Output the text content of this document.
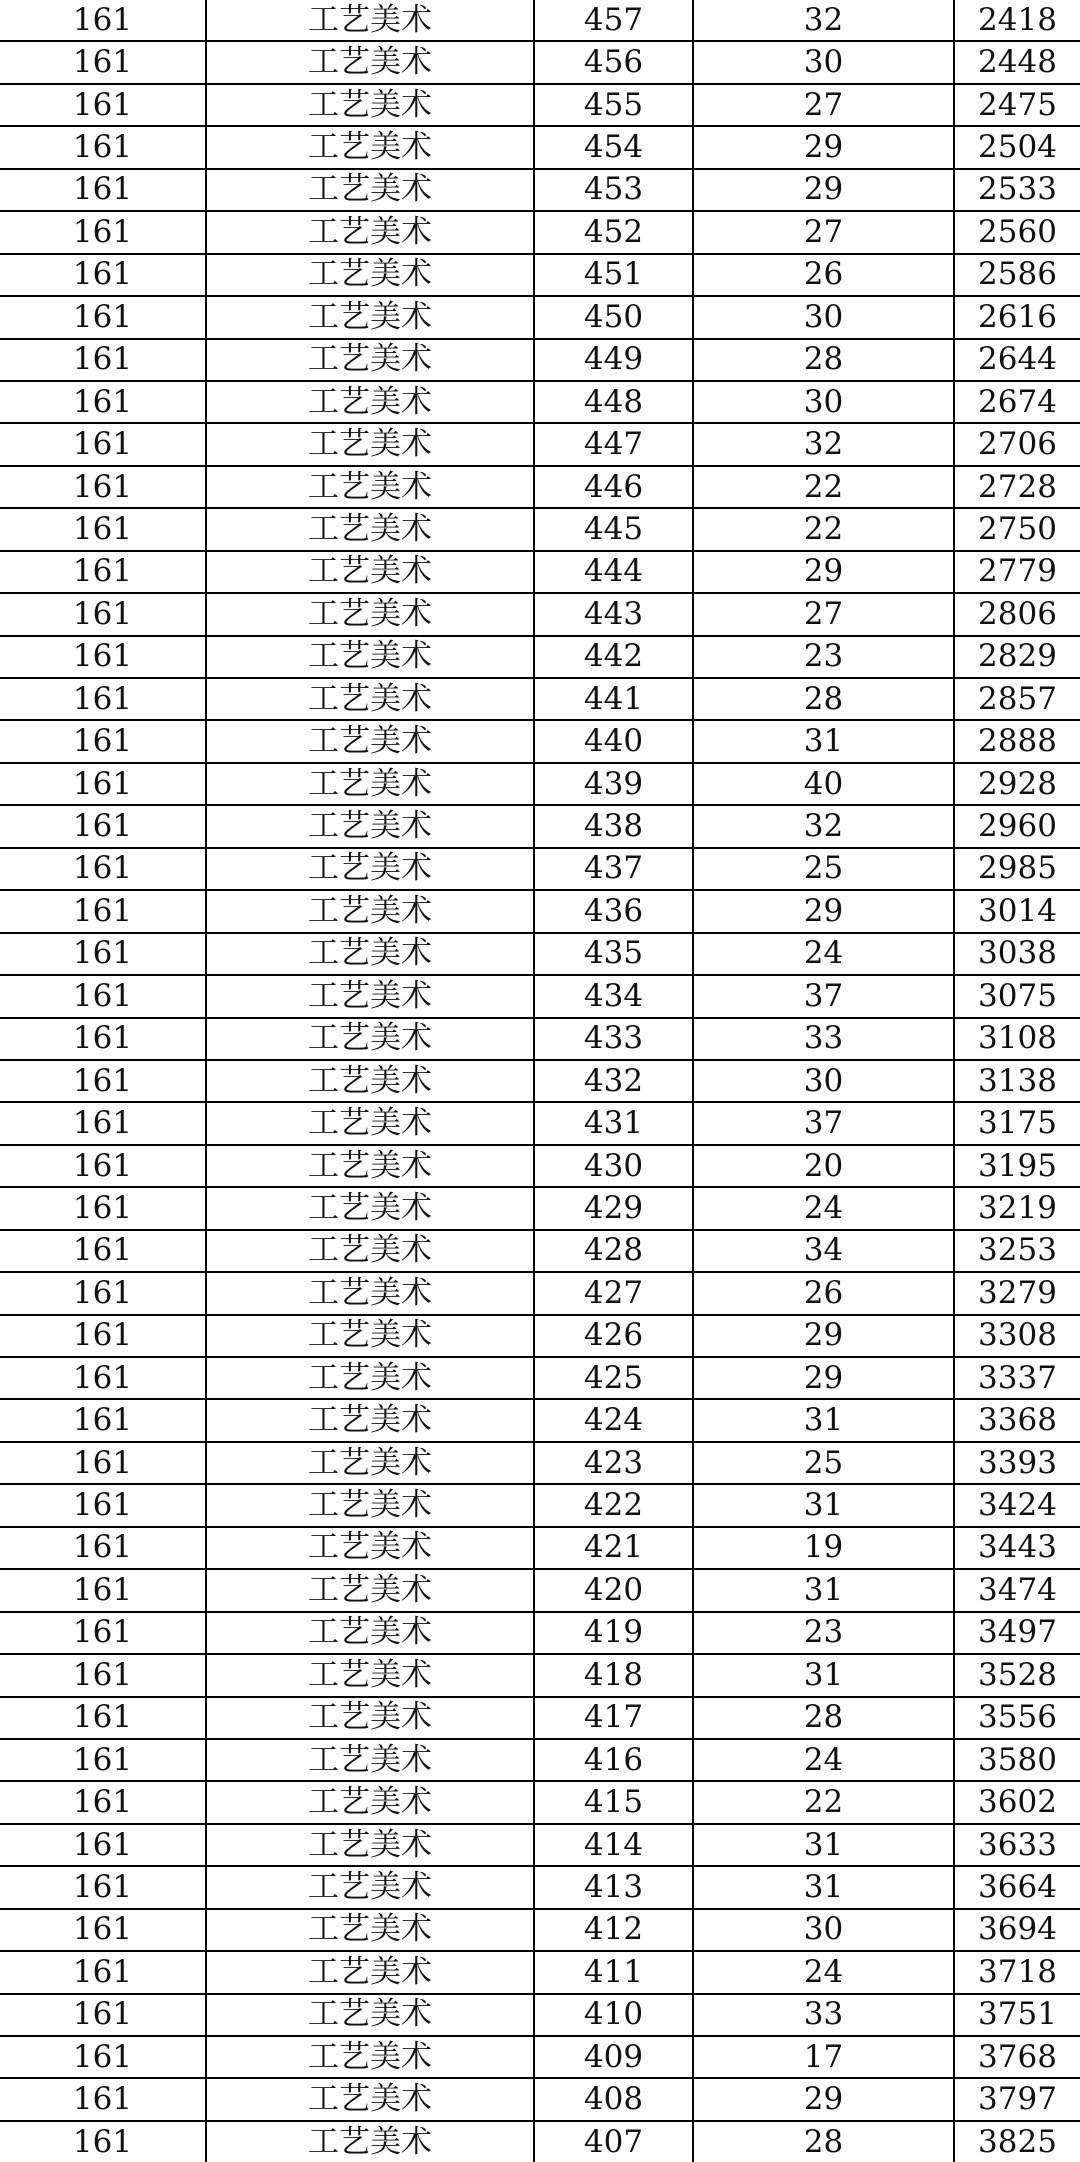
161	工艺美术	457	32	2418
161	工艺美术	456	30	2448
161	工艺美术	455	27	2475
161	工艺美术	454	29	2504
161	工艺美术	453	29	2533
161	工艺美术	452	27	2560
161	工艺美术	451	26	2586
161	工艺美术	450	30	2616
161	工艺美术	449	28	2644
161	工艺美术	448	30	2674
161	工艺美术	447	32	2706
161	工艺美术	446	22	2728
161	工艺美术	445	22	2750
161	工艺美术	444	29	2779
161	工艺美术	443	27	2806
161	工艺美术	442	23	2829
161	工艺美术	441	28	2857
161	工艺美术	440	31	2888
161	工艺美术	439	40	2928
161	工艺美术	438	32	2960
161	工艺美术	437	25	2985
161	工艺美术	436	29	3014
161	工艺美术	435	24	3038
161	工艺美术	434	37	3075
161	工艺美术	433	33	3108
161	工艺美术	432	30	3138
161	工艺美术	431	37	3175
161	工艺美术	430	20	3195
161	工艺美术	429	24	3219
161	工艺美术	428	34	3253
161	工艺美术	427	26	3279
161	工艺美术	426	29	3308
161	工艺美术	425	29	3337
161	工艺美术	424	31	3368
161	工艺美术	423	25	3393
161	工艺美术	422	31	3424
161	工艺美术	421	19	3443
161	工艺美术	420	31	3474
161	工艺美术	419	23	3497
161	工艺美术	418	31	3528
161	工艺美术	417	28	3556
161	工艺美术	416	24	3580
161	工艺美术	415	22	3602
161	工艺美术	414	31	3633
161	工艺美术	413	31	3664
161	工艺美术	412	30	3694
161	工艺美术	411	24	3718
161	工艺美术	410	33	3751
161	工艺美术	409	17	3768
161	工艺美术	408	29	3797
161	工艺美术	407	28	3825
